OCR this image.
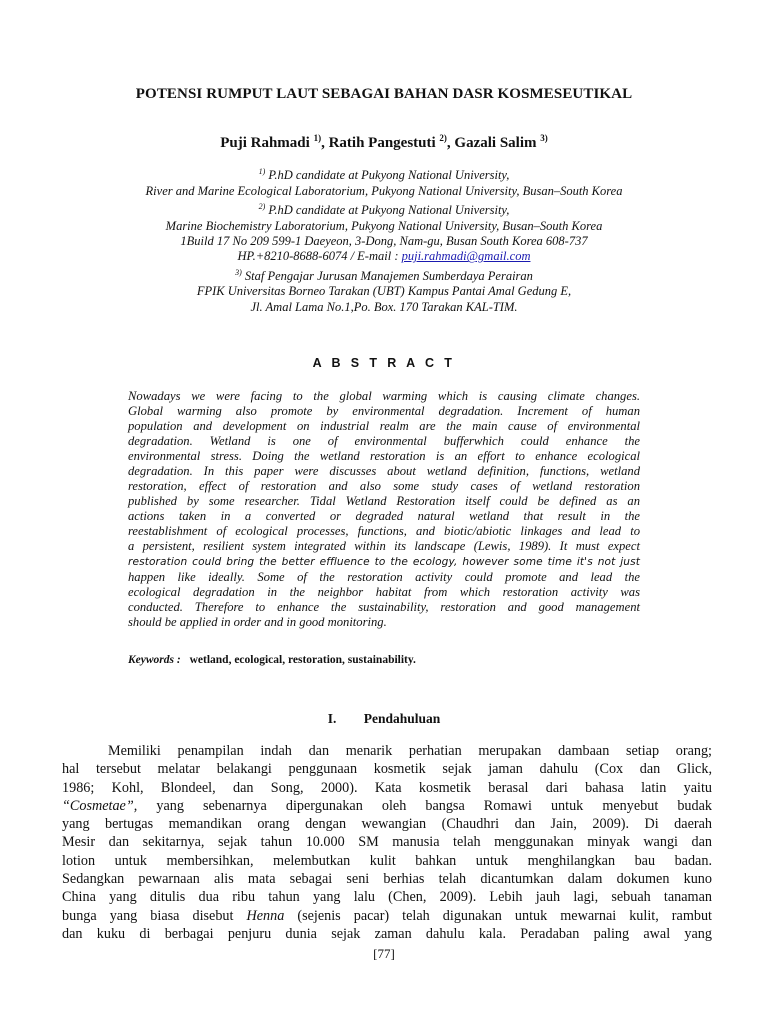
POTENSI RUMPUT LAUT SEBAGAI BAHAN DASR KOSMESEUTIKAL
Puji Rahmadi $^{1)}$, Ratih Pangestuti $^{2)}$, Gazali Salim $^{3)}$
$^{1)}$ P.hD candidate at Pukyong National University,
River and Marine Ecological Laboratorium, Pukyong National University, Busan–South Korea
$^{2)}$ P.hD candidate at Pukyong National University,
Marine Biochemistry Laboratorium, Pukyong National University, Busan–South Korea
1Build 17 No 209 599-1 Daeyeon, 3-Dong, Nam-gu, Busan South Korea 608-737
HP.+8210-8688-6074 / E-mail : puji.rahmadi@gmail.com
$^{3)}$ Staf Pengajar Jurusan Manajemen Sumberdaya Perairan
FPIK Universitas Borneo Tarakan (UBT) Kampus Pantai Amal Gedung E,
Jl. Amal Lama No.1,Po. Box. 170 Tarakan KAL-TIM.
A B S T R A C T
Nowadays we were facing to the global warming which is causing climate changes.
Global warming also promote by environmental degradation. Increment of human
population and development on industrial realm are the main cause of environmental
degradation. Wetland is one of environmental bufferwhich could enhance the
environmental stress. Doing the wetland restoration is an effort to enhance ecological
degradation. In this paper were discusses about wetland definition, functions, wetland
restoration, effect of restoration and also some study cases of wetland restoration
published by some researcher. Tidal Wetland Restoration itself could be defined as an
actions taken in a converted or degraded natural wetland that result in the
reestablishment of ecological processes, functions, and biotic/abiotic linkages and lead to
a persistent, resilient system integrated within its landscape (Lewis, 1989). It must expect
restoration could bring the better effluence to the ecology, however some time it's not just
happen like ideally. Some of the restoration activity could promote and lead the
ecological degradation in the neighbor habitat from which restoration activity was
conducted. Therefore to enhance the sustainability, restoration and good management
should be applied in order and in good monitoring.
Keywords : wetland, ecological, restoration, sustainability.
I. Pendahuluan
Memiliki penampilan indah dan menarik perhatian merupakan dambaan setiap orang;
hal tersebut melatar belakangi penggunaan kosmetik sejak jaman dahulu (Cox dan Glick,
1986; Kohl, Blondeel, dan Song, 2000). Kata kosmetik berasal dari bahasa latin yaitu
“Cosmetae”, yang sebenarnya dipergunakan oleh bangsa Romawi untuk menyebut budak
yang bertugas memandikan orang dengan wewangian (Chaudhri dan Jain, 2009). Di daerah
Mesir dan sekitarnya, sejak tahun 10.000 SM manusia telah menggunakan minyak wangi dan
lotion untuk membersihkan, melembutkan kulit bahkan untuk menghilangkan bau badan.
Sedangkan pewarnaan alis mata sebagai seni berhias telah dicantumkan dalam dokumen kuno
China yang ditulis dua ribu tahun yang lalu (Chen, 2009). Lebih jauh lagi, sebuah tanaman
bunga yang biasa disebut Henna (sejenis pacar) telah digunakan untuk mewarnai kulit, rambut
dan kuku di berbagai penjuru dunia sejak zaman dahulu kala. Peradaban paling awal yang
[77]
